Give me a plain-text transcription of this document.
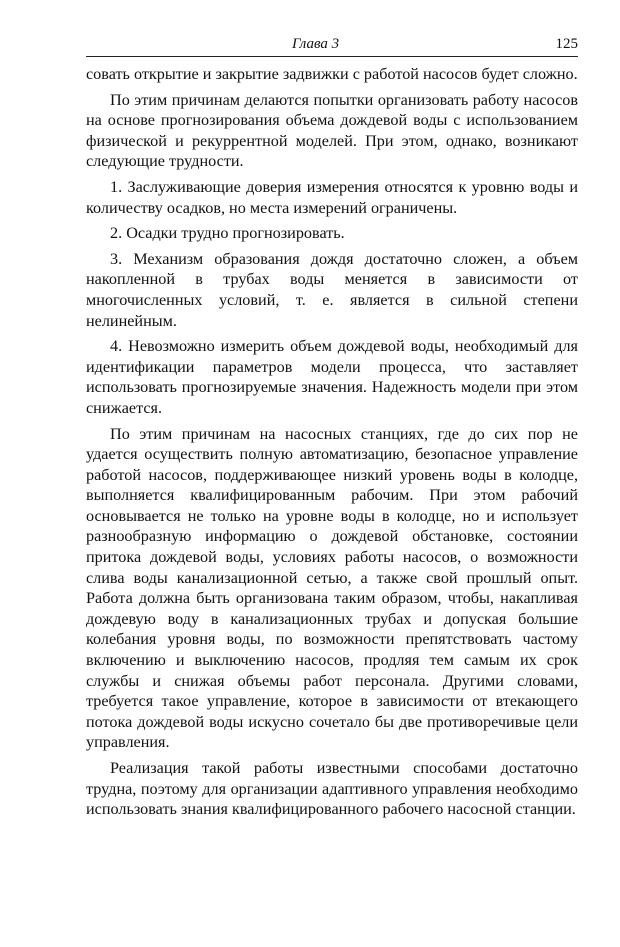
Глава 3	125

совать открытие и закрытие задвижки с работой насосов будет сложно.

По этим причинам делаются попытки организовать работу насосов на основе прогнозирования объема дождевой воды с использованием физической и рекуррентной моделей. При этом, однако, возникают следующие трудности.

1. Заслуживающие доверия измерения относятся к уровню воды и количеству осадков, но места измерений ограничены.

2. Осадки трудно прогнозировать.

3. Механизм образования дождя достаточно сложен, а объем накопленной в трубах воды меняется в зависимости от многочисленных условий, т. е. является в сильной степени нелинейным.

4. Невозможно измерить объем дождевой воды, необходимый для идентификации параметров модели процесса, что заставляет использовать прогнозируемые значения. Надежность модели при этом снижается.

По этим причинам на насосных станциях, где до сих пор не удается осуществить полную автоматизацию, безопасное управление работой насосов, поддерживающее низкий уровень воды в колодце, выполняется квалифицированным рабочим. При этом рабочий основывается не только на уровне воды в колодце, но и использует разнообразную информацию о дождевой обстановке, состоянии притока дождевой воды, условиях работы насосов, о возможности слива воды канализационной сетью, а также свой прошлый опыт. Работа должна быть организована таким образом, чтобы, накапливая дождевую воду в канализационных трубах и допуская большие колебания уровня воды, по возможности препятствовать частому включению и выключению насосов, продляя тем самым их срок службы и снижая объемы работ персонала. Другими словами, требуется такое управление, которое в зависимости от втекающего потока дождевой воды искусно сочетало бы две противоречивые цели управления.

Реализация такой работы известными способами достаточно трудна, поэтому для организации адаптивного управления необходимо использовать знания квалифицированного рабочего насосной станции.
